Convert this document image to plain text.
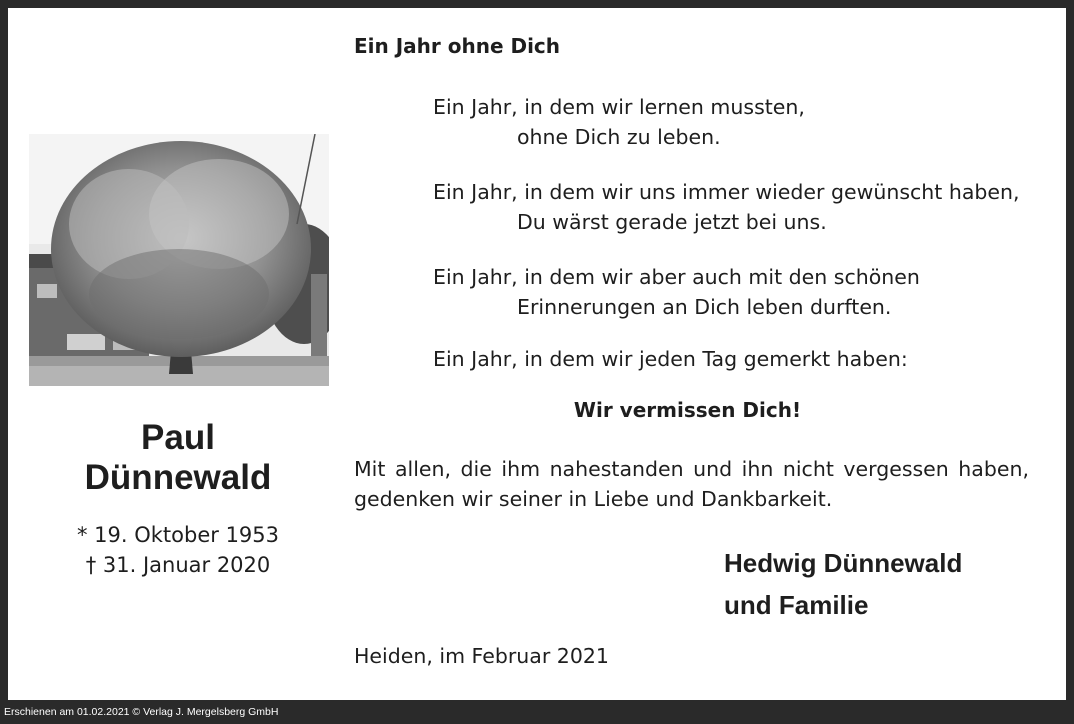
Paul
Dünnewald
* 19. Oktober 1953
† 31. Januar 2020
Ein Jahr ohne Dich
Ein Jahr, in dem wir lernen mussten,
ohne Dich zu leben.
Ein Jahr, in dem wir uns immer wieder gewünscht haben,
Du wärst gerade jetzt bei uns.
Ein Jahr, in dem wir aber auch mit den schönen
Erinnerungen an Dich leben durften.
Ein Jahr, in dem wir jeden Tag gemerkt haben:
Wir vermissen Dich!
Mit allen, die ihm nahestanden und ihn nicht vergessen haben,
gedenken wir seiner in Liebe und Dankbarkeit.
Hedwig Dünnewald
und Familie
Heiden, im Februar 2021
Erschienen am 01.02.2021 © Verlag J. Mergelsberg GmbH
